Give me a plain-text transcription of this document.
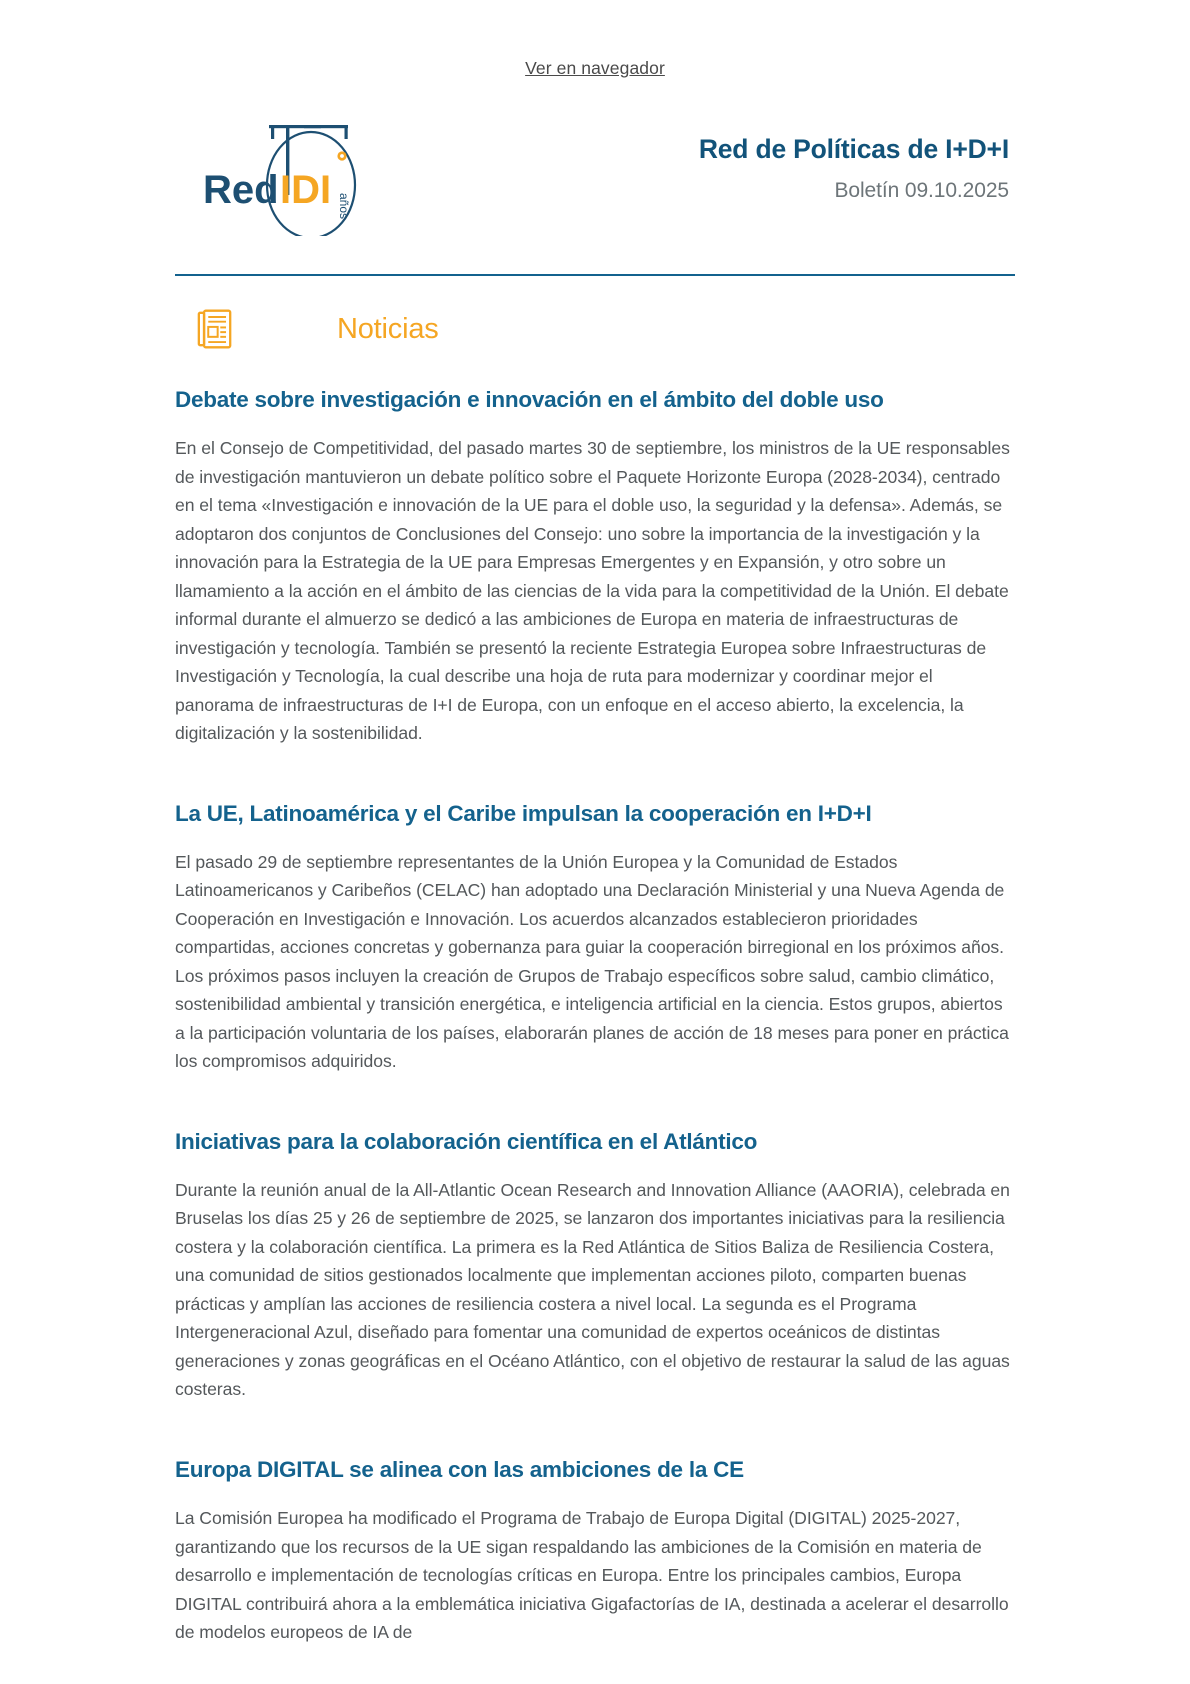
Ver en navegador
Red IDI años
Red de Políticas de I+D+I
Boletín 09.10.2025
Noticias
Debate sobre investigación e innovación en el ámbito del doble uso
En el Consejo de Competitividad, del pasado martes 30 de septiembre, los ministros de la UE responsables de investigación mantuvieron un debate político sobre el Paquete Horizonte Europa (2028-2034), centrado en el tema «Investigación e innovación de la UE para el doble uso, la seguridad y la defensa». Además, se adoptaron dos conjuntos de Conclusiones del Consejo: uno sobre la importancia de la investigación y la innovación para la Estrategia de la UE para Empresas Emergentes y en Expansión, y otro sobre un llamamiento a la acción en el ámbito de las ciencias de la vida para la competitividad de la Unión. El debate informal durante el almuerzo se dedicó a las ambiciones de Europa en materia de infraestructuras de investigación y tecnología. También se presentó la reciente Estrategia Europea sobre Infraestructuras de Investigación y Tecnología, la cual describe una hoja de ruta para modernizar y coordinar mejor el panorama de infraestructuras de I+I de Europa, con un enfoque en el acceso abierto, la excelencia, la digitalización y la sostenibilidad.
La UE, Latinoamérica y el Caribe impulsan la cooperación en I+D+I
El pasado 29 de septiembre representantes de la Unión Europea y la Comunidad de Estados Latinoamericanos y Caribeños (CELAC) han adoptado una Declaración Ministerial y una Nueva Agenda de Cooperación en Investigación e Innovación. Los acuerdos alcanzados establecieron prioridades compartidas, acciones concretas y gobernanza para guiar la cooperación birregional en los próximos años. Los próximos pasos incluyen la creación de Grupos de Trabajo específicos sobre salud, cambio climático, sostenibilidad ambiental y transición energética, e inteligencia artificial en la ciencia. Estos grupos, abiertos a la participación voluntaria de los países, elaborarán planes de acción de 18 meses para poner en práctica los compromisos adquiridos.
Iniciativas para la colaboración científica en el Atlántico
Durante la reunión anual de la All-Atlantic Ocean Research and Innovation Alliance (AAORIA), celebrada en Bruselas los días 25 y 26 de septiembre de 2025, se lanzaron dos importantes iniciativas para la resiliencia costera y la colaboración científica. La primera es la Red Atlántica de Sitios Baliza de Resiliencia Costera, una comunidad de sitios gestionados localmente que implementan acciones piloto, comparten buenas prácticas y amplían las acciones de resiliencia costera a nivel local. La segunda es el Programa Intergeneracional Azul, diseñado para fomentar una comunidad de expertos oceánicos de distintas generaciones y zonas geográficas en el Océano Atlántico, con el objetivo de restaurar la salud de las aguas costeras.
Europa DIGITAL se alinea con las ambiciones de la CE
La Comisión Europea ha modificado el Programa de Trabajo de Europa Digital (DIGITAL) 2025-2027, garantizando que los recursos de la UE sigan respaldando las ambiciones de la Comisión en materia de desarrollo e implementación de tecnologías críticas en Europa. Entre los principales cambios, Europa DIGITAL contribuirá ahora a la emblemática iniciativa Gigafactorías de IA, destinada a acelerar el desarrollo de modelos europeos de IA de
